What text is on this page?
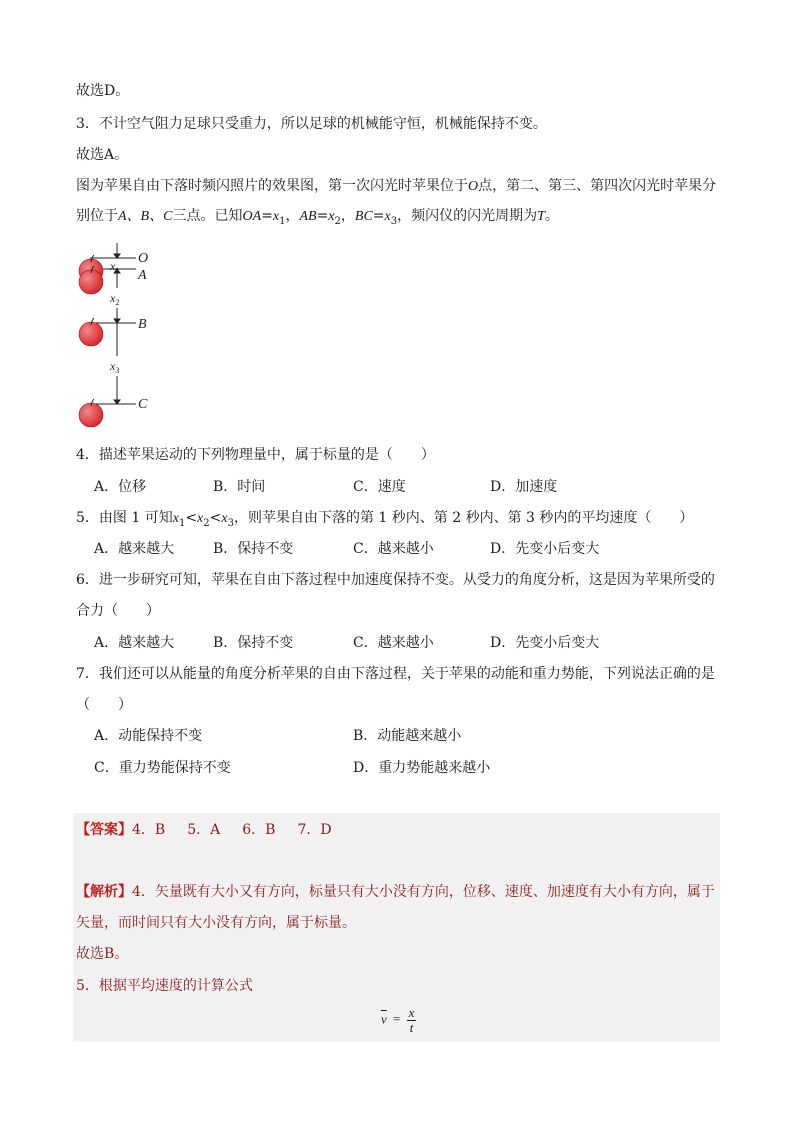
故选D。
3．不计空气阻力足球只受重力，所以足球的机械能守恒，机械能保持不变。
故选A。
图为苹果自由下落时频闪照片的效果图，第一次闪光时苹果位于O点，第二、第三、第四次闪光时苹果分
别位于A、B、C三点。已知$OA=x_1$，$AB=x_2$，$BC=x_3$，频闪仪的闪光周期为T。
O
A
B
C
$x_1$
$x_2$
$x_3$
4．描述苹果运动的下列物理量中，属于标量的是（　　）
A．位移	B．时间	C．速度	D．加速度
5．由图 1 可知$x_1<x_2<x_3$，则苹果自由下落的第 1 秒内、第 2 秒内、第 3 秒内的平均速度（　　）
A．越来越大	B．保持不变	C．越来越小	D．先变小后变大
6．进一步研究可知，苹果在自由下落过程中加速度保持不变。从受力的角度分析，这是因为苹果所受的
合力（　　）
A．越来越大	B．保持不变	C．越来越小	D．先变小后变大
7．我们还可以从能量的角度分析苹果的自由下落过程，关于苹果的动能和重力势能，下列说法正确的是
（　　）
A．动能保持不变	B．动能越来越小
C．重力势能保持不变	D．重力势能越来越小
【答案】4．B 5．A 6．B 7．D
【解析】4．矢量既有大小又有方向，标量只有大小没有方向，位移、速度、加速度有大小有方向，属于
矢量，而时间只有大小没有方向，属于标量。
故选B。
5．根据平均速度的计算公式
$\overline{v} = \frac{x}{t}$
